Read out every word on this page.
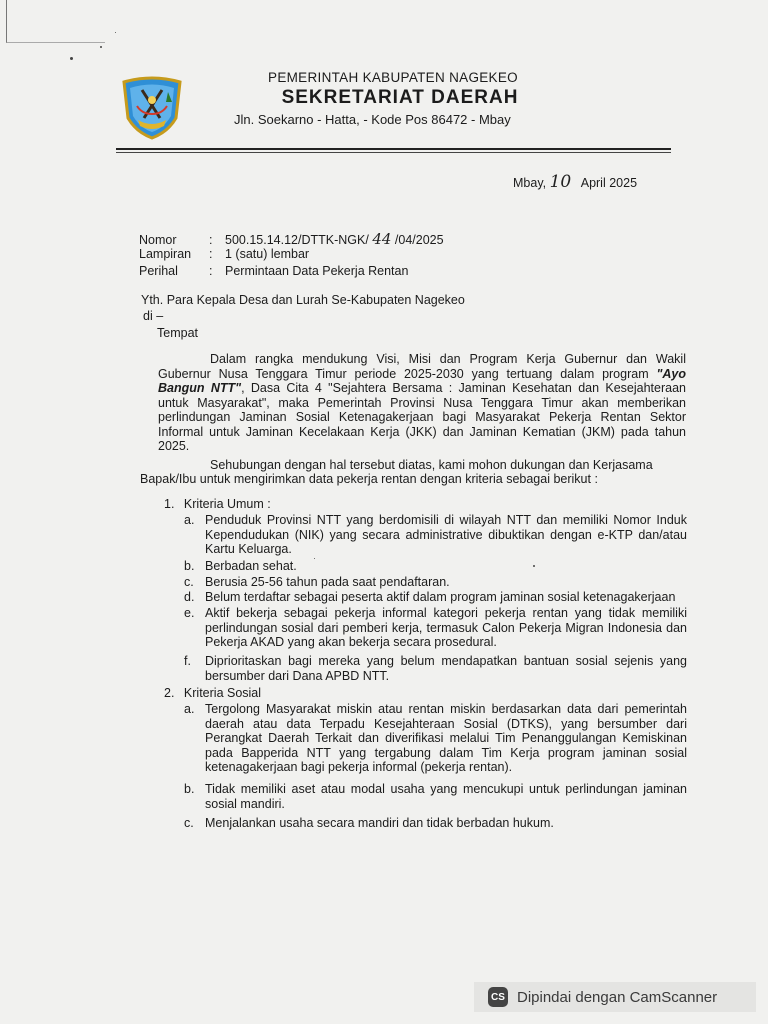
PEMERINTAH KABUPATEN NAGEKEO
SEKRETARIAT DAERAH
Jln. Soekarno - Hatta, - Kode Pos 86472 - Mbay
Mbay, 10 April 2025
Nomor	:	500.15.14.12/DTTK-NGK/ 44 /04/2025
Lampiran	:	1 (satu) lembar
Perihal	:	Permintaan Data Pekerja Rentan
Yth. Para Kepala Desa dan Lurah Se-Kabupaten Nagekeo
di –
Tempat

Dalam rangka mendukung Visi, Misi dan Program Kerja Gubernur dan Wakil Gubernur Nusa Tenggara Timur periode 2025-2030 yang tertuang dalam program "Ayo Bangun NTT", Dasa Cita 4 "Sejahtera Bersama : Jaminan Kesehatan dan Kesejahteraan untuk Masyarakat", maka Pemerintah Provinsi Nusa Tenggara Timur akan memberikan perlindungan Jaminan Sosial Ketenagakerjaan bagi Masyarakat Pekerja Rentan Sektor Informal untuk Jaminan Kecelakaan Kerja (JKK) dan Jaminan Kematian (JKM) pada tahun 2025.

Sehubungan dengan hal tersebut diatas, kami mohon dukungan dan Kerjasama

Bapak/Ibu untuk mengirimkan data pekerja rentan dengan kriteria sebagai berikut :

1. Kriteria Umum :
a. Penduduk Provinsi NTT yang berdomisili di wilayah NTT dan memiliki Nomor Induk Kependudukan (NIK) yang secara administrative dibuktikan dengan e-KTP dan/atau Kartu Keluarga.
b. Berbadan sehat.
c. Berusia 25-56 tahun pada saat pendaftaran.
d. Belum terdaftar sebagai peserta aktif dalam program jaminan sosial ketenagakerjaan
e. Aktif bekerja sebagai pekerja informal kategori pekerja rentan yang tidak memiliki perlindungan sosial dari pemberi kerja, termasuk Calon Pekerja Migran Indonesia dan Pekerja AKAD yang akan bekerja secara prosedural.
f. Diprioritaskan bagi mereka yang belum mendapatkan bantuan sosial sejenis yang bersumber dari Dana APBD NTT.
2. Kriteria Sosial
a. Tergolong Masyarakat miskin atau rentan miskin berdasarkan data dari pemerintah daerah atau data Terpadu Kesejahteraan Sosial (DTKS), yang bersumber dari Perangkat Daerah Terkait dan diverifikasi melalui Tim Penanggulangan Kemiskinan pada Bapperida NTT yang tergabung dalam Tim Kerja program jaminan sosial ketenagakerjaan bagi pekerja informal (pekerja rentan).
b. Tidak memiliki aset atau modal usaha yang mencukupi untuk perlindungan jaminan sosial mandiri.
c. Menjalankan usaha secara mandiri dan tidak berbadan hukum.
CS Dipindai dengan CamScanner
